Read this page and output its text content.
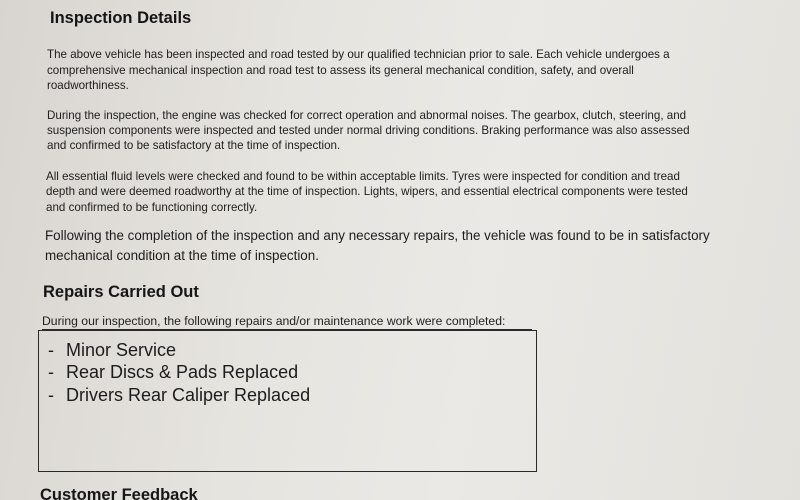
Inspection Details
The above vehicle has been inspected and road tested by our qualified technician prior to sale. Each vehicle undergoes a
comprehensive mechanical inspection and road test to assess its general mechanical condition, safety, and overall
roadworthiness.
During the inspection, the engine was checked for correct operation and abnormal noises. The gearbox, clutch, steering, and
suspension components were inspected and tested under normal driving conditions. Braking performance was also assessed
and confirmed to be satisfactory at the time of inspection.
All essential fluid levels were checked and found to be within acceptable limits. Tyres were inspected for condition and tread
depth and were deemed roadworthy at the time of inspection. Lights, wipers, and essential electrical components were tested
and confirmed to be functioning correctly.
Following the completion of the inspection and any necessary repairs, the vehicle was found to be in satisfactory
mechanical condition at the time of inspection.
Repairs Carried Out
During our inspection, the following repairs and/or maintenance work were completed:
- Minor Service
- Rear Discs & Pads Replaced
- Drivers Rear Caliper Replaced
Customer Feedback
